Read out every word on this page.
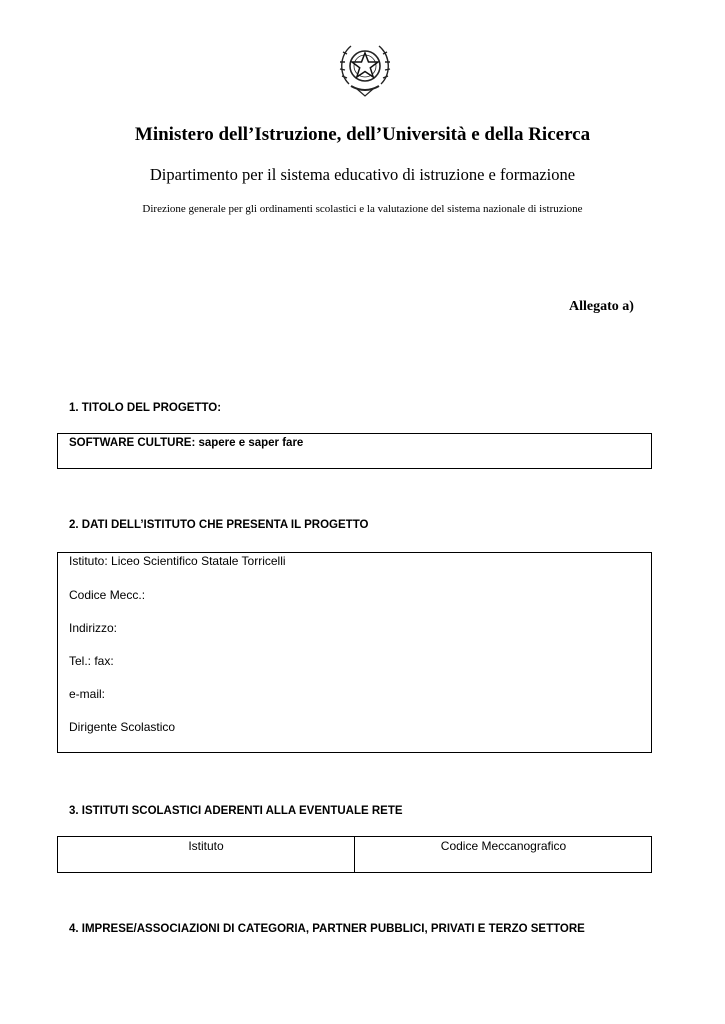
Ministero dell’Istruzione, dell’Università e della Ricerca
Dipartimento per il sistema educativo di istruzione e formazione
Direzione generale per gli ordinamenti scolastici e la valutazione del sistema nazionale di istruzione
Allegato a)
1. TITOLO DEL PROGETTO:
SOFTWARE CULTURE: sapere e saper fare
2. DATI DELL’ISTITUTO CHE PRESENTA IL PROGETTO
Istituto: Liceo Scientifico Statale Torricelli
Codice Mecc.:
Indirizzo:
Tel.: fax:
e-mail:
Dirigente Scolastico
3. ISTITUTI SCOLASTICI ADERENTI ALLA EVENTUALE RETE
Istituto	Codice Meccanografico
4. IMPRESE/ASSOCIAZIONI DI CATEGORIA, PARTNER PUBBLICI, PRIVATI E TERZO SETTORE
